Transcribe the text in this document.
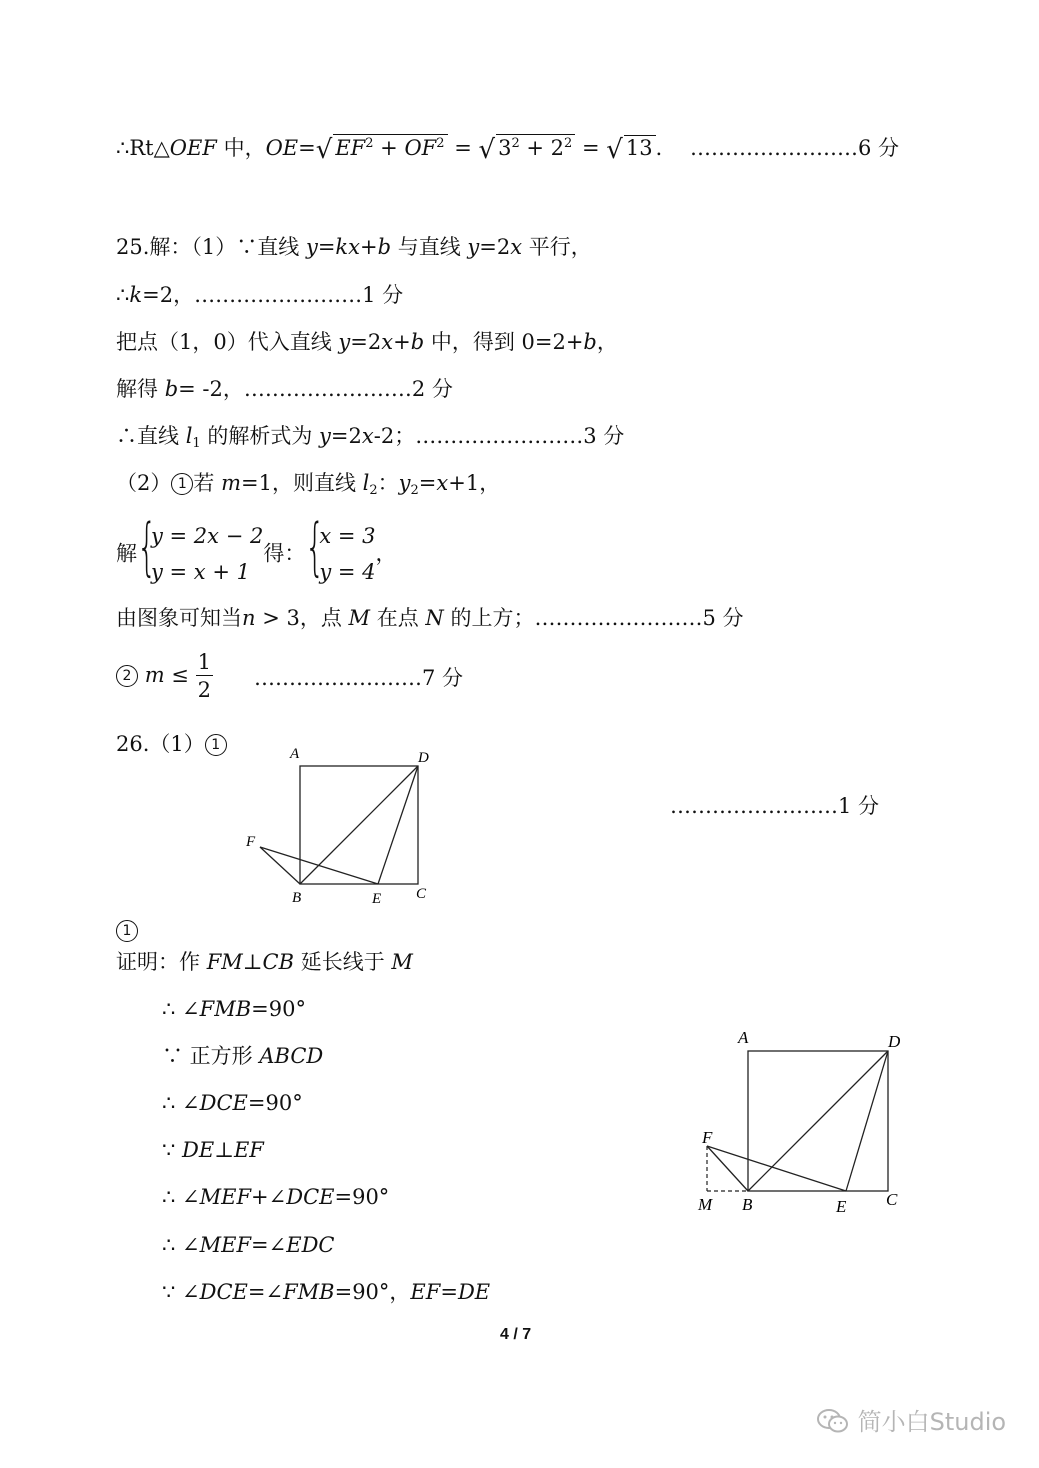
∴Rt△OEF 中，OE=√ $EF^2 + OF^2$ = √ $3^2 + 2^2$ = √ 13 ． ……………………6 分
25.解：（1）∵直线 y=kx+b 与直线 y=2x 平行，
∴k=2，……………………1 分
把点（1，0）代入直线 y=2x+b 中，得到 0=2+b，
解得 b= -2，……………………2 分
∴直线 $l_1$ 的解析式为 y=2x-2；……………………3 分
（2） 1 若 m=1，则直线 $l_2$：$y_2=x+1$，
解 {
y = 2x − 2
y = x + 1
得： {
x = 3
y = 4
，
由图象可知当n > 3，点 M 在点 N 的上方；……………………5 分
2 $m \le \frac{1}{2}$ ……………………7 分
26.（1） 1
A	D
F
B	E C
……………………1 分
1
证明：作 FM⊥CB 延长线于 M
∴ ∠FMB=90°
∵ 正方形 ABCD
∴ ∠DCE=90°
∵ DE⊥EF
∴ ∠MEF+∠DCE=90°
∴ ∠MEF=∠EDC
∵ ∠DCE=∠FMB=90°，EF=DE
A	D
F
M B	E C
4 / 7
简小白Studio
